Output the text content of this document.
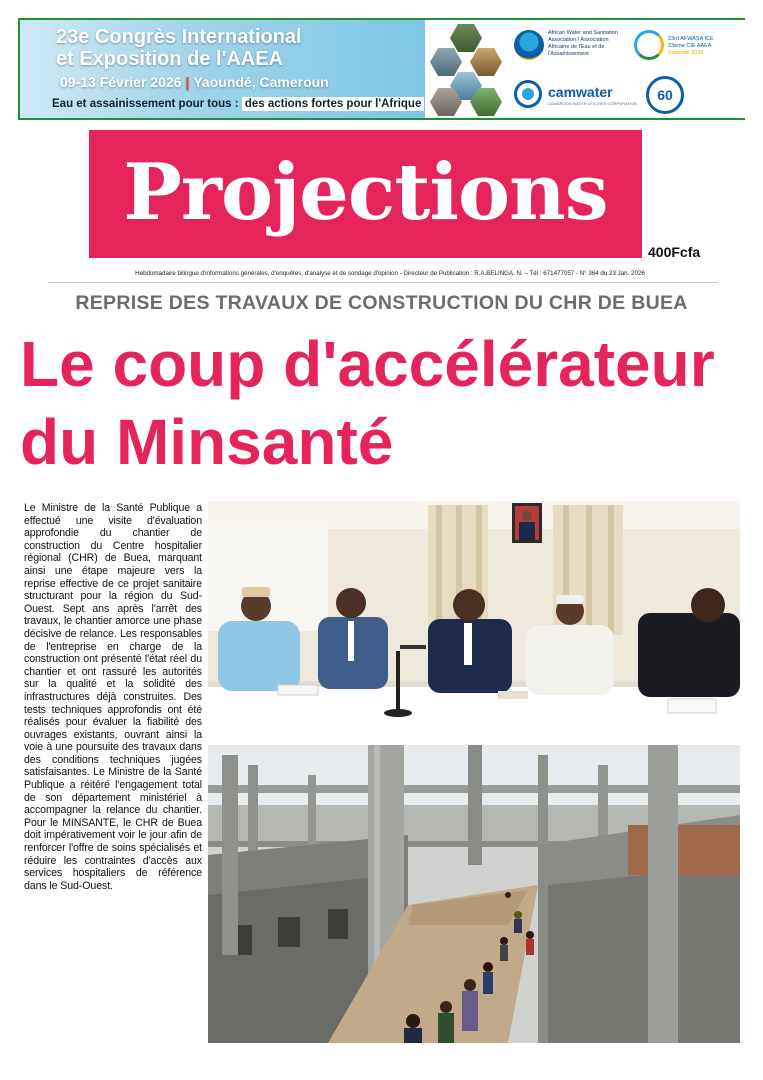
23e Congrès International
et Exposition de l'AAEA
09-13 Février 2026 | Yaoundé, Cameroun
Eau et assainissement pour tous : des actions fortes pour l'Afrique
African Water and Sanitation Association / Association Africaine de l'Eau et de l'Assainissement
23rd AFWASA ICE
23ème CIE AAEA
Yaoundé 2026
camwater
CAMEROON WATER UTILITIES CORPORATION
60
Projections
400Fcfa
Hebdomadaire bilingue d'informations générales, d'enquêtes, d'analyse et de sondage d'opinion - Directeur de Publication : R.A.BELINGA. N. – Tél : 671477057 - N° 364 du 23 Jan. 2026
REPRISE DES TRAVAUX DE CONSTRUCTION DU CHR DE BUEA
Le coup d'accélérateur
du Minsanté
Le Ministre de la Santé Publique a effectué une visite d'évaluation approfondie du chantier de construction du Centre hospitalier régional (CHR) de Buea, marquant ainsi une étape majeure vers la reprise effective de ce projet sanitaire structurant pour la région du Sud-Ouest. Sept ans après l'arrêt des travaux, le chantier amorce une phase décisive de relance. Les responsables de l'entreprise en charge de la construction ont présenté l'état réel du chantier et ont rassuré les autorités sur la qualité et la solidité des infrastructures déjà construites. Des tests techniques approfondis ont été réalisés pour évaluer la fiabilité des ouvrages existants, ouvrant ainsi la voie à une poursuite des travaux dans des conditions techniques jugées satisfaisantes. Le Ministre de la Santé Publique a réitéré l'engagement total de son département ministériel à accompagner la relance du chantier. Pour le MINSANTE, le CHR de Buea doit impérativement voir le jour afin de renforcer l'offre de soins spécialisés et réduire les contraintes d'accès aux services hospitaliers de référence dans le Sud-Ouest.
